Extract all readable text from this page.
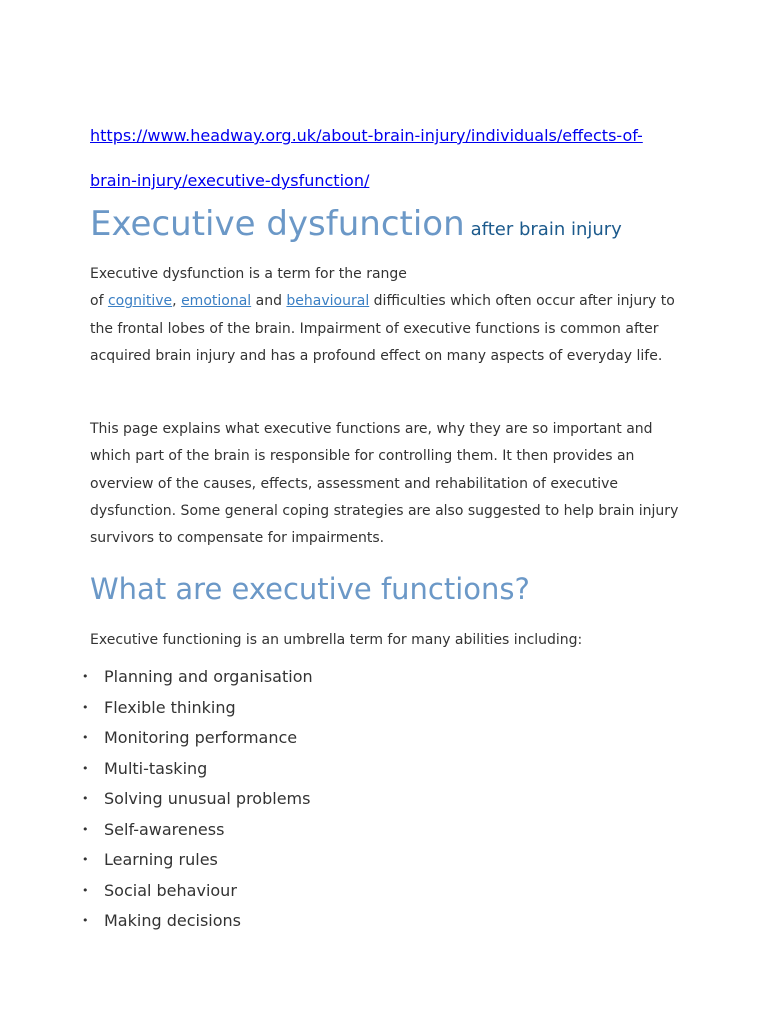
https://www.headway.org.uk/about-brain-injury/individuals/effects-of-
brain-injury/executive-dysfunction/
Executive dysfunction after brain injury

Executive dysfunction is a term for the range
of cognitive, emotional and behavioural difficulties which often occur after injury to the frontal lobes of the brain. Impairment of executive functions is common after acquired brain injury and has a profound effect on many aspects of everyday life.

This page explains what executive functions are, why they are so important and which part of the brain is responsible for controlling them. It then provides an overview of the causes, effects, assessment and rehabilitation of executive dysfunction. Some general coping strategies are also suggested to help brain injury survivors to compensate for impairments.

What are executive functions?

Executive functioning is an umbrella term for many abilities including:

• Planning and organisation
• Flexible thinking
• Monitoring performance
• Multi-tasking
• Solving unusual problems
• Self-awareness
• Learning rules
• Social behaviour
• Making decisions
